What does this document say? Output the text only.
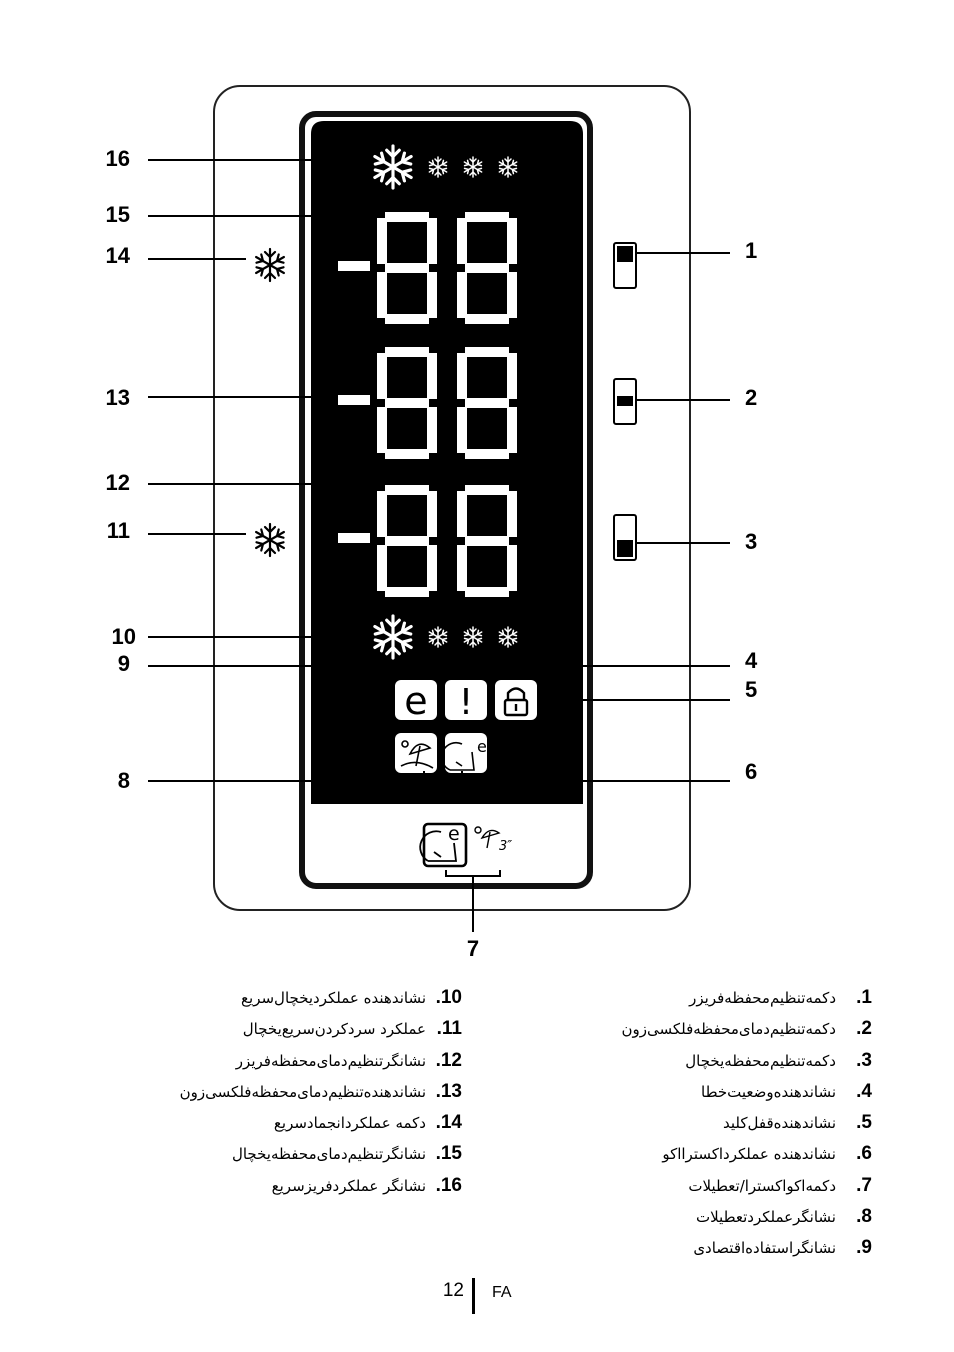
e !
e
e
3″
16
15
14
13
12
11
10
9
8
1
2
3
4
5
6
7
1.دکمه‌تنظیم‌محفظه‌فریزر
2.دکمه‌تنظیم‌دمای‌محفظه‌فلکسی‌زون
3.دکمه‌تنظیم‌محفظه‌یخچال
4.نشاندهنده‌وضعیت‌خطا
5.نشاندهنده‌قفل‌کلید
6.نشاندهنده عملکرد‌اکسترا‌اکو
7.دکمه‌اکو‌اکسترا/تعطیلات
8.نشانگر‌عملکرد‌تعطیلات
9.نشانگر‌استفاده‌اقتصادی
10.نشاندهنده عملکرد‌یخچال‌سریع
11.عملکرد سرد‌کردن‌سریع‌یخچال
12.نشانگر‌تنظیم‌دمای‌محفظه‌فریزر
13.نشاندهنده‌تنظیم‌دمای‌محفظه‌فلکسی‌زون
14.دکمه عملکرد‌انجماد‌سریع
15.نشانگر‌تنظیم‌دمای‌محفظه‌یخچال
16.نشانگر عملکرد‌فریز‌سریع
12 FA
